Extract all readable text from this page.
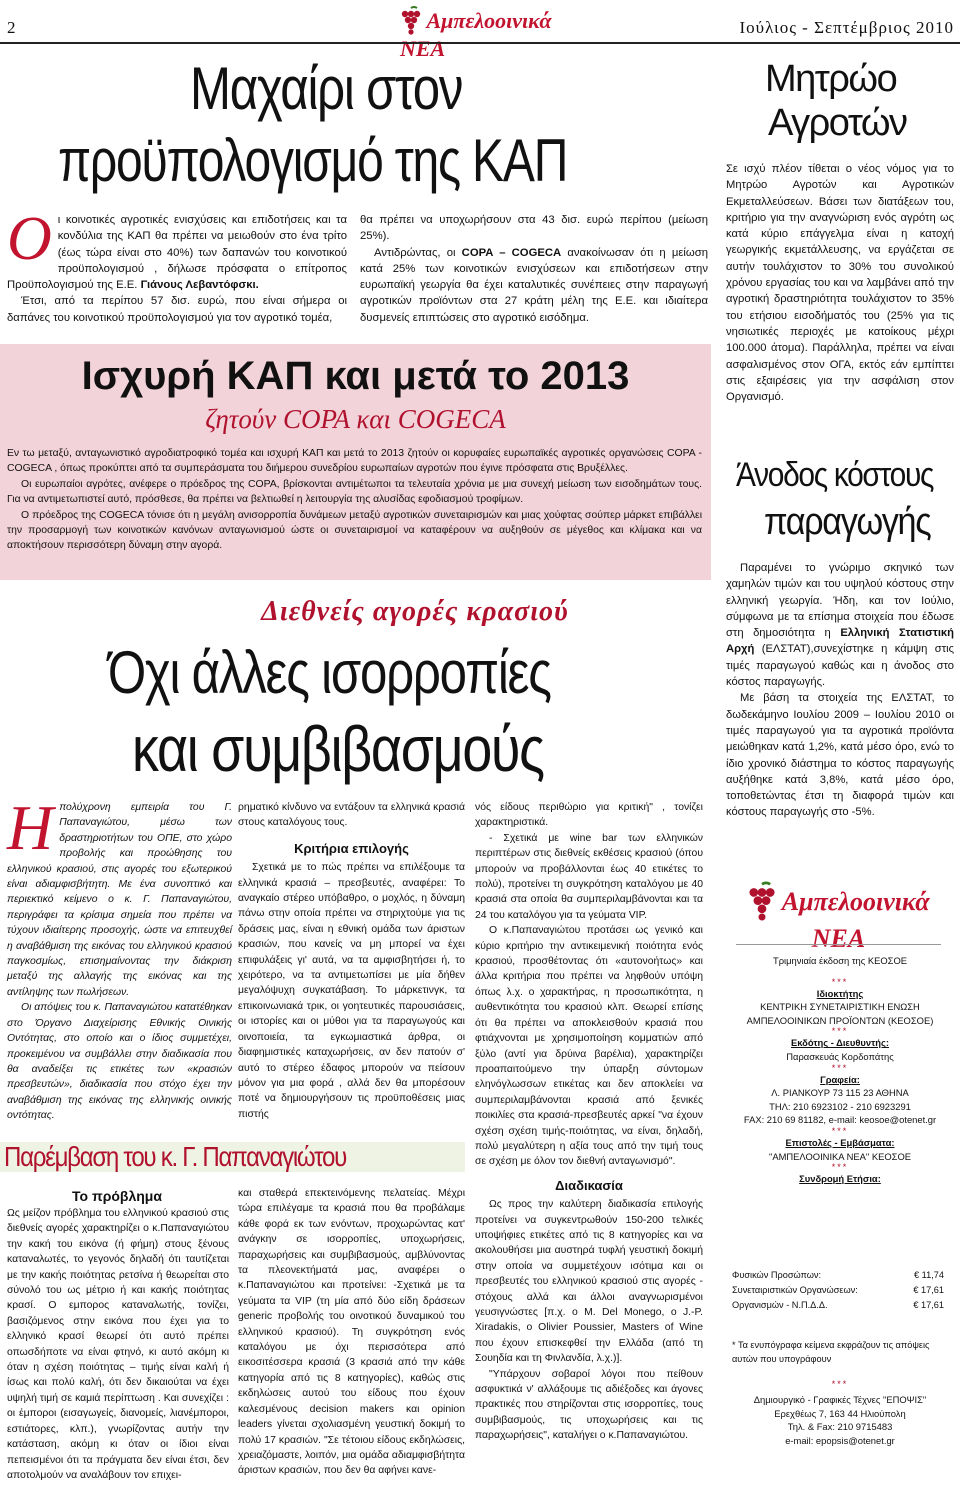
2	Αμπελοοινικά ΝΕΑ
Ιούλιος - Σεπτέμβριος 2010
Μαχαίρι στον
προϋπολογισμό της ΚΑΠ
Ο ι κοινοτικές αγροτικές ενισχύσεις και επιδοτήσεις και τα κονδύλια της ΚΑΠ θα πρέπει να μειωθούν στο ένα τρίτο (έως τώρα είναι στο 40%) των δαπανών του κοινοτικού προϋπολογισμού , δήλωσε πρόσφατα ο επίτροπος Προϋπολογισμού της Ε.Ε. Γιάνους Λεβαντόφσκι.
Έτσι, από τα περίπου 57 δισ. ευρώ, που είναι σήμερα οι δαπάνες του κοινοτικού προϋπολογισμού για τον αγροτικό τομέα,
θα πρέπει να υποχωρήσουν στα 43 δισ. ευρώ περίπου (μείωση 25%).
Αντιδρώντας, οι COPA – COGECA ανακοίνωσαν ότι η μείωση κατά 25% των κοινοτικών ενισχύσεων και επιδοτήσεων στην ευρωπαϊκή γεωργία θα έχει καταλυτικές συνέπειες στην παραγωγή αγροτικών προϊόντων στα 27 κράτη μέλη της Ε.Ε. και ιδιαίτερα δυσμενείς επιπτώσεις στο αγροτικό εισόδημα.
Ισχυρή ΚΑΠ και μετά το 2013
ζητούν COPA και COGECA
Εν τω μεταξύ, ανταγωνιστικό αγροδιατροφικό τομέα και ισχυρή ΚΑΠ και μετά το 2013 ζητούν οι κορυφαίες ευρωπαϊκές αγροτικές οργανώσεις COPA - COGECA , όπως προκύπτει από τα συμπεράσματα του διήμερου συνεδρίου ευρωπαίων αγροτών που έγινε πρόσφατα στις Βρυξέλλες.
Οι ευρωπαίοι αγρότες, ανέφερε ο πρόεδρος της COPA, βρίσκονται αντιμέτωποι τα τελευταία χρόνια με μια συνεχή μείωση των εισοδημάτων τους. Για να αντιμετωπιστεί αυτό, πρόσθεσε, θα πρέπει να βελτιωθεί η λειτουργία της αλυσίδας εφοδιασμού τροφίμων.
Ο πρόεδρος της COGECA τόνισε ότι η μεγάλη ανισορροπία δυνάμεων μεταξύ αγροτικών συνεταιρισμών και μιας χούφτας σούπερ μάρκετ επιβάλλει την προσαρμογή των κοινοτικών κανόνων ανταγωνισμού ώστε οι συνεταιρισμοί να καταφέρουν να αυξηθούν σε μέγεθος και κλίμακα και να αποκτήσουν περισσότερη δύναμη στην αγορά.
Διεθνείς αγορές κρασιού
Όχι άλλες ισορροπίες
και συμβιβασμούς
Η πολύχρονη εμπειρία του Γ. Παπαναγιώτου, μέσω των δραστηριοτήτων του ΟΠΕ, στο χώρο προβολής και προώθησης του ελληνικού κρασιού, στις αγορές του εξωτερικού είναι αδιαμφισβήτητη. Με ένα συνοπτικό και περιεκτικό κείμενο ο κ. Γ. Παπαναγιώτου, περιγράφει τα κρίσιμα σημεία που πρέπει να τύχουν ιδιαίτερης προσοχής, ώστε να επιτευχθεί η αναβάθμιση της εικόνας του ελληνικού κρασιού παγκοσμίως, επισημαίνοντας την διάκριση μεταξύ της αλλαγής της εικόνας και της αντίληψης των πωλήσεων.
Οι απόψεις του κ. Παπαναγιώτου κατατέθηκαν στο Όργανο Διαχείρισης Εθνικής Οινικής Οντότητας, στο οποίο και ο ίδιος συμμετέχει, προκειμένου να συμβάλλει στην διαδικασία που θα αναδείξει τις ετικέτες των «κρασιών πρεσβευτών», διαδικασία που στόχο έχει την αναβάθμιση της εικόνας της ελληνικής οινικής οντότητας.
ρηματικό κίνδυνο να εντάξουν τα ελληνικά κρασιά στους καταλόγους τους.
Κριτήρια επιλογής
Σχετικά με το πώς πρέπει να επιλέξουμε τα ελληνικά κρασιά – πρεσβευτές, αναφέρει: Το αναγκαίο στέρεο υπόβαθρο, ο μοχλός, η δύναμη πάνω στην οποία πρέπει να στηριχτούμε για τις δράσεις μας, είναι η εθνική ομάδα των άριστων κρασιών, που κανείς να μη μπορεί να έχει επιφυλάξεις γι' αυτά, να τα αμφισβητήσει ή, το χειρότερο, να τα αντιμετωπίσει με μία δήθεν μεγαλόψυχη συγκατάβαση. Το μάρκετινγκ, τα επικοινωνιακά τρικ, οι γοητευτικές παρουσιάσεις, οι ιστορίες και οι μύθοι για τα παραγωγούς και οινοποιεία, τα εγκωμιαστικά άρθρα, οι διαφημιστικές καταχωρήσεις, αν δεν πατούν σ' αυτό το στέρεο έδαφος μπορούν να πείσουν μόνον για μια φορά , αλλά δεν θα μπορέσουν ποτέ να δημιουργήσουν τις προϋποθέσεις μιας πιστής
νός είδους περιθώριο για κριτική" , τονίζει χαρακτηριστικά.
- Σχετικά με wine bar των ελληνικών περιπτέρων στις διεθνείς εκθέσεις κρασιού (όπου μπορούν να προβάλλονται έως 40 ετικέτες το πολύ), προτείνει τη συγκρότηση καταλόγου με 40 κρασιά στα οποία θα συμπεριλαμβάνονται και τα 24 του καταλόγου για τα γεύματα VIP.
Ο κ.Παπαναγιώτου προτάσει ως γενικό και κύριο κριτήριο την αντικειμενική ποιότητα ενός κρασιού, προσθέτοντας ότι «αυτονοήτως» και άλλα κριτήρια που πρέπει να ληφθούν υπόψη όπως λ.χ. ο χαρακτήρας, η προσωπικότητα, η αυθεντικότητα του κρασιού κλπ. Θεωρεί επίσης ότι θα πρέπει να αποκλεισθούν κρασιά που φτιάχνονται με χρησιμοποίηση κομματιών από ξύλο (αντί για δρύινα βαρέλια), χαρακτηρίζει προαπαιτούμενο την ύπαρξη σύντομων εληνόγλωσσων ετικέτας και δεν αποκλείει να συμπεριλαμβάνονται κρασιά από ξενικές ποικιλίες στα κρασιά-πρεσβευτές αρκεί "να έχουν σχέση σχέση τιμής-ποιότητας, να είναι, δηλαδή, πολύ μεγαλύτερη η αξία τους από την τιμή τους σε σχέση με όλον τον διεθνή ανταγωνισμό".
Διαδικασία
Ως προς την καλύτερη διαδικασία επιλογής προτείνει να συγκεντρωθούν 150-200 τελικές υποψήφιες ετικέτες από τις 8 κατηγορίες και να ακολουθήσει μια αυστηρά τυφλή γευστική δοκιμή στην οποία να συμμετέχουν ισότιμα και οι πρεσβευτές του ελληνικού κρασιού στις αγορές - στόχους αλλά και άλλοι αναγνωρισμένοι γευσιγνώστες [π.χ. ο Μ. Del Monego, ο J.-P. Xiradakis, ο Olivier Poussier, Masters of Wine που έχουν επισκεφθεί την Ελλάδα (από τη Σουηδία και τη Φινλανδία, λ.χ.)].
"Υπάρχουν σοβαροί λόγοι που πείθουν ασφυκτικά ν' αλλάξουμε τις αδιέξοδες και άγονες πρακτικές που στηρίζονται στις ισορροπίες, τους συμβιβασμούς, τις υποχωρήσεις και τις παραχωρήσεις", καταλήγει ο κ.Παπαναγιώτου.
Παρέμβαση του κ. Γ. Παπαναγιώτου
Το πρόβλημα
Ως μείζον πρόβλημα του ελληνικού κρασιού στις διεθνείς αγορές χαρακτηρίζει ο κ.Παπαναγιώτου την κακή του εικόνα (ή φήμη) στους ξένους καταναλωτές, το γεγονός δηλαδή ότι ταυτίζεται με την κακής ποιότητας ρετσίνα ή θεωρείται στο σύνολό του ως μέτριο ή και κακής ποιότητας κρασί. Ο εμπορος καταναλωτής, τονίζει, βασιζόμενος στην εικόνα που έχει για το ελληνικό κρασί θεωρεί ότι αυτό πρέπει οπωσδήποτε να είναι φτηνό, κι αυτό ακόμη κι όταν η σχέση ποιότητας – τιμής είναι καλή ή ίσως και πολύ καλή, ότι δεν δικαιούται να έχει υψηλή τιμή σε καμιά περίπτωση . Και συνεχίζει : οι έμποροι (εισαγωγείς, διανομείς, λιανέμποροι, εστιάτορες, κλπ.), γνωρίζοντας αυτήν την κατάσταση, ακόμη κι όταν οι ίδιοι είναι πεπεισμένοι ότι τα πράγματα δεν είναι έτσι, δεν αποτολμούν να αναλάβουν τον επιχει-
και σταθερά επεκτεινόμενης πελατείας. Μέχρι τώρα επιλέγαμε τα κρασιά που θα προβάλαμε κάθε φορά εκ των ενόντων, προχωρώντας κατ' ανάγκην σε ισορροπίες, υποχωρήσεις, παραχωρήσεις και συμβιβασμούς, αμβλύνοντας τα πλεονεκτήματά μας, αναφέρει ο κ.Παπαναγιώτου και προτείνει: -Σχετικά με τα γεύματα τα VIP (τη μία από δύο είδη δράσεων generic προβολής του οινοτικού δυναμικού του ελληνικού κρασιού). Τη συγκρότηση ενός καταλόγου με όχι περισσότερα από εικοσιτέσσερα κρασιά (3 κρασιά από την κάθε κατηγορία από τις 8 κατηγορίες), καθώς στις εκδηλώσεις αυτού του είδους που έχουν καλεσμένους decision makers και opinion leaders γίνεται σχολιασμένη γευστική δοκιμή το πολύ 17 κρασιών. "Σε τέτοιου είδους εκδηλώσεις, χρειαζόμαστε, λοιπόν, μια ομάδα αδιαμφισβήτητα άριστων κρασιών, που δεν θα αφήνει κανε-
Μητρώο
Αγροτών
Σε ισχύ πλέον τίθεται ο νέος νόμος για το Μητρώο Αγροτών και Αγροτικών Εκμεταλλεύσεων. Βάσει των διατάξεων του, κριτήριο για την αναγνώριση ενός αγρότη ως κατά κύριο επάγγελμα είναι η κατοχή γεωργικής εκμετάλλευσης, να εργάζεται σε αυτήν τουλάχιστον το 30% του συνολικού χρόνου εργασίας του και να λαμβάνει από την αγροτική δραστηριότητα τουλάχιστον το 35% του ετήσιου εισοδήματός του (25% για τις νησιωτικές περιοχές με κατοίκους μέχρι 100.000 άτομα). Παράλληλα, πρέπει να είναι ασφαλισμένος στον ΟΓΑ, εκτός εάν εμπίπτει στις εξαιρέσεις για την ασφάλιση στον Οργανισμό.
Άνοδος κόστους
παραγωγής
Παραμένει το γνώριμο σκηνικό των χαμηλών τιμών και του υψηλού κόστους στην ελληνική γεωργία. Ήδη, και τον Ιούλιο, σύμφωνα με τα επίσημα στοιχεία που έδωσε στη δημοσιότητα η Ελληνική Στατιστική Αρχή (ΕΛΣΤΑΤ),συνεχίστηκε η κάμψη στις τιμές παραγωγού καθώς και η άνοδος στο κόστος παραγωγής.
Με βάση τα στοιχεία της ΕΛΣΤΑΤ, το δωδεκάμηνο Ιουλίου 2009 – Ιουλίου 2010 οι τιμές παραγωγού για τα αγροτικά προϊόντα μειώθηκαν κατά 1,2%, κατά μέσο όρο, ενώ το ίδιο χρονικό διάστημα το κόστος παραγωγής αυξήθηκε κατά 3,8%, κατά μέσο όρο, τοποθετώντας έτσι τη διαφορά τιμών και κόστους παραγωγής στο -5%.
Αμπελοοινικά ΝΕΑ
Τριμηνιαία έκδοση της ΚΕΟΣΟΕ
***
Ιδιοκτήτης
ΚΕΝΤΡΙΚΗ ΣΥΝΕΤΑΙΡΙΣΤΙΚΗ ΕΝΩΣΗ
ΑΜΠΕΛΟΟΙΝΙΚΩΝ ΠΡΟΪΟΝΤΩΝ (ΚΕΟΣΟΕ)
***
Εκδότης - Διευθυντής:
Παρασκευάς Κορδοπάτης
***
Γραφεία:
Λ. ΡΙΑΝΚΟΥΡ 73 115 23 ΑΘΗΝΑ
ΤΗΛ: 210 6923102 - 210 6923291
FAX: 210 69 81182, e-mail: keosoe@otenet.gr
***
Επιστολές - Εμβάσματα:
"ΑΜΠΕΛΟΟΙΝΙΚΑ ΝΕΑ" ΚΕΟΣΟΕ
***
Συνδρομή Ετήσια:
Φυσικών Προσώπων:	€ 11,74
Συνεταιριστικών Οργανώσεων:	€ 17,61
Οργανισμών - Ν.Π.Δ.Δ.	€ 17,61
* Τα ενυπόγραφα κείμενα εκφράζουν τις απόψεις αυτών που υπογράφουν
***
Δημιουργικό - Γραφικές Τέχνες "ΕΠΟΨΙΣ"
Ερεχθέως 7, 163 44 Ηλιούπολη
Τηλ. & Fax: 210 9715483
e-mail: epopsis@otenet.gr
